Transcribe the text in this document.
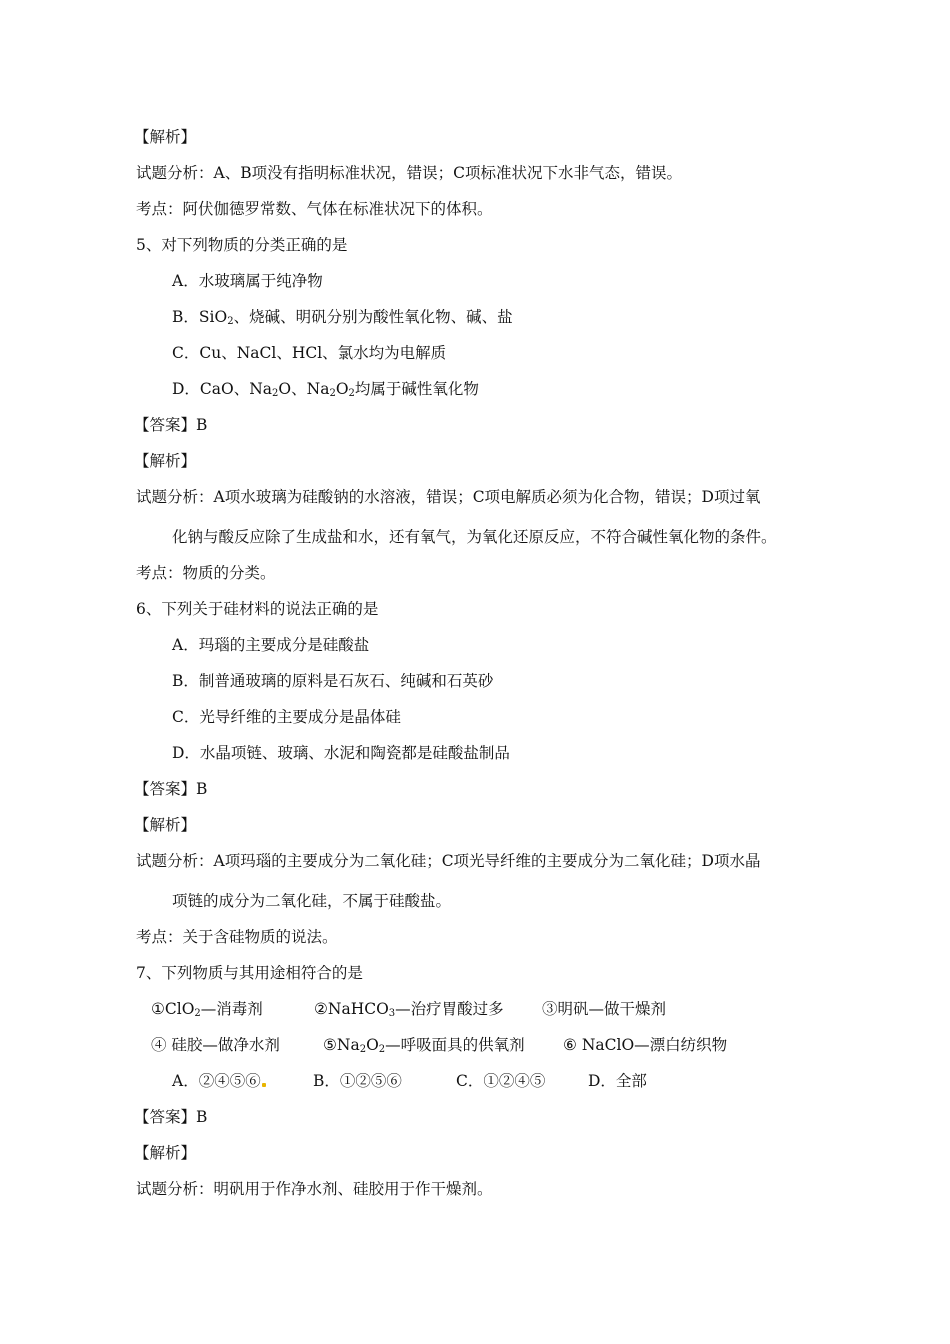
【解析】
试题分析：A、B项没有指明标准状况，错误；C项标准状况下水非气态，错误。
考点：阿伏伽德罗常数、气体在标准状况下的体积。
5、对下列物质的分类正确的是
A．水玻璃属于纯净物
B．SiO$_2$、烧碱、明矾分别为酸性氧化物、碱、盐
C．Cu、NaCl、HCl、氯水均为电解质
D．CaO、$Na_2O$、$Na_2O_2$均属于碱性氧化物
【答案】B
【解析】
试题分析：A项水玻璃为硅酸钠的水溶液，错误；C项电解质必须为化合物，错误；D项过氧
化钠与酸反应除了生成盐和水，还有氧气，为氧化还原反应，不符合碱性氧化物的条件。
考点：物质的分类。
6、下列关于硅材料的说法正确的是
A．玛瑙的主要成分是硅酸盐
B．制普通玻璃的原料是石灰石、纯碱和石英砂
C．光导纤维的主要成分是晶体硅
D．水晶项链、玻璃、水泥和陶瓷都是硅酸盐制品
【答案】B
【解析】
试题分析：A项玛瑙的主要成分为二氧化硅；C项光导纤维的主要成分为二氧化硅；D项水晶
项链的成分为二氧化硅，不属于硅酸盐。
考点：关于含硅物质的说法。
7、下列物质与其用途相符合的是
①ClO$_2$—消毒剂	②NaHCO$_3$—治疗胃酸过多 ③明矾—做干燥剂
④ 硅胶—做净水剂	$⑤Na_2O_2—$呼吸面具的供氧剂 ⑥ NaClO—漂白纺织物
A．②④⑤⑥	B．①②⑤⑥	C．①②④⑤	D．全部
【答案】B
【解析】
试题分析：明矾用于作净水剂、硅胶用于作干燥剂。
